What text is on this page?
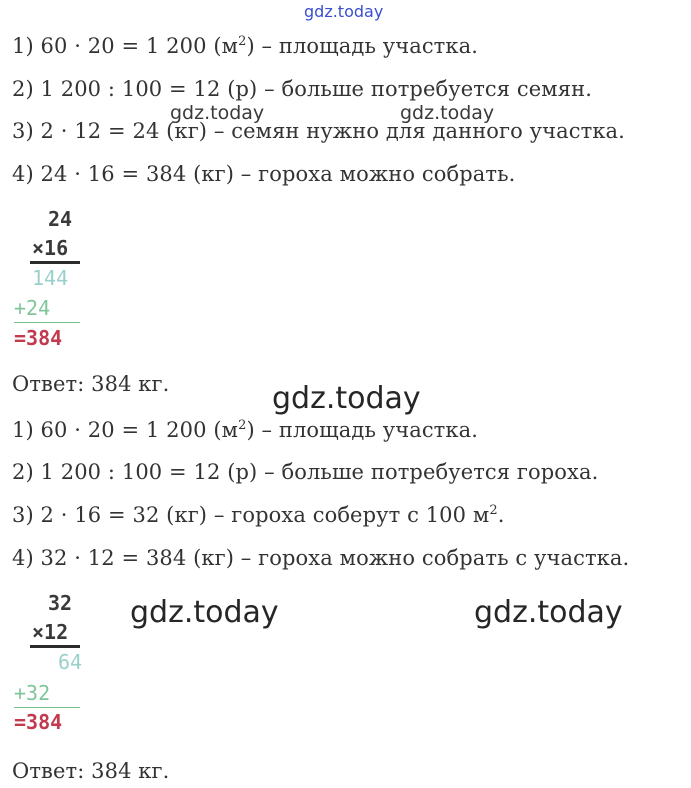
gdz.today
gdz.today	gdz.today
gdz.today
gdz.today	gdz.today
1) 60 · 20 = 1 200 $(м^2)$ – площадь участка.
2) 1 200 : 100 = 12 (р) – больше потребуется семян.
3) 2 · 12 = 24 (кг) – семян нужно для данного участка.
4) 24 · 16 = 384 (кг) – гороха можно собрать.
24
×16
144
+24
=384
Ответ: 384 кг.
1) 60 · 20 = 1 200 $(м^2)$ – площадь участка.
2) 1 200 : 100 = 12 (р) – больше потребуется гороха.
3) 2 · 16 = 32 (кг) – гороха соберут с 100 $м^2$.
4) 32 · 12 = 384 (кг) – гороха можно собрать с участка.
32
×12
64
+32
=384
Ответ: 384 кг.
